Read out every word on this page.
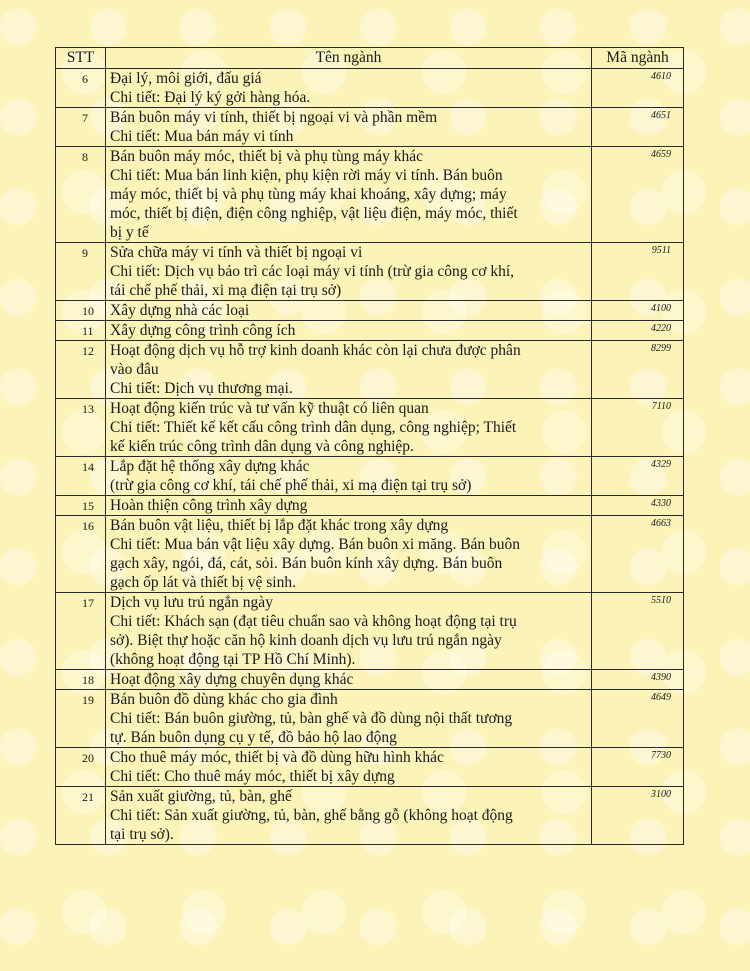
STT	Tên ngành	Mã ngành
6	Đại lý, môi giới, đấu giá
Chi tiết: Đại lý ký gởi hàng hóa.	4610
7	Bán buôn máy vi tính, thiết bị ngoại vi và phần mềm
Chi tiết: Mua bán máy vi tính	4651
8	Bán buôn máy móc, thiết bị và phụ tùng máy khác
Chi tiết: Mua bán linh kiện, phụ kiện rời máy vi tính. Bán buôn
máy móc, thiết bị và phụ tùng máy khai khoáng, xây dựng; máy
móc, thiết bị điện, điện công nghiệp, vật liệu điện, máy móc, thiết
bị y tế	4659
9	Sửa chữa máy vi tính và thiết bị ngoại vi
Chi tiết: Dịch vụ bảo trì các loại máy vi tính (trừ gia công cơ khí,
tái chế phế thải, xi mạ điện tại trụ sở)	9511
10	Xây dựng nhà các loại	4100
11	Xây dựng công trình công ích	4220
12	Hoạt động dịch vụ hỗ trợ kinh doanh khác còn lại chưa được phân
vào đâu
Chi tiết: Dịch vụ thương mại.	8299
13	Hoạt động kiến trúc và tư vấn kỹ thuật có liên quan
Chi tiết: Thiết kế kết cấu công trình dân dụng, công nghiệp; Thiết
kế kiến trúc công trình dân dụng và công nghiệp.	7110
14	Lắp đặt hệ thống xây dựng khác
(trừ gia công cơ khí, tái chế phế thải, xi mạ điện tại trụ sở)	4329
15	Hoàn thiện công trình xây dựng	4330
16	Bán buôn vật liệu, thiết bị lắp đặt khác trong xây dựng
Chi tiết: Mua bán vật liệu xây dựng. Bán buôn xi măng. Bán buôn
gạch xây, ngói, đá, cát, sỏi. Bán buôn kính xây dựng. Bán buôn
gạch ốp lát và thiết bị vệ sinh.	4663
17	Dịch vụ lưu trú ngắn ngày
Chi tiết: Khách sạn (đạt tiêu chuẩn sao và không hoạt động tại trụ
sở). Biệt thự hoặc căn hộ kinh doanh dịch vụ lưu trú ngắn ngày
(không hoạt động tại TP Hồ Chí Minh).	5510
18	Hoạt động xây dựng chuyên dụng khác	4390
19	Bán buôn đồ dùng khác cho gia đình
Chi tiết: Bán buôn giường, tủ, bàn ghế và đồ dùng nội thất tương
tự. Bán buôn dụng cụ y tế, đồ bảo hộ lao động	4649
20	Cho thuê máy móc, thiết bị và đồ dùng hữu hình khác
Chi tiết: Cho thuê máy móc, thiết bị xây dựng	7730
21	Sản xuất giường, tủ, bàn, ghế
Chi tiết: Sản xuất giường, tủ, bàn, ghế bằng gỗ (không hoạt động
tại trụ sở).	3100
